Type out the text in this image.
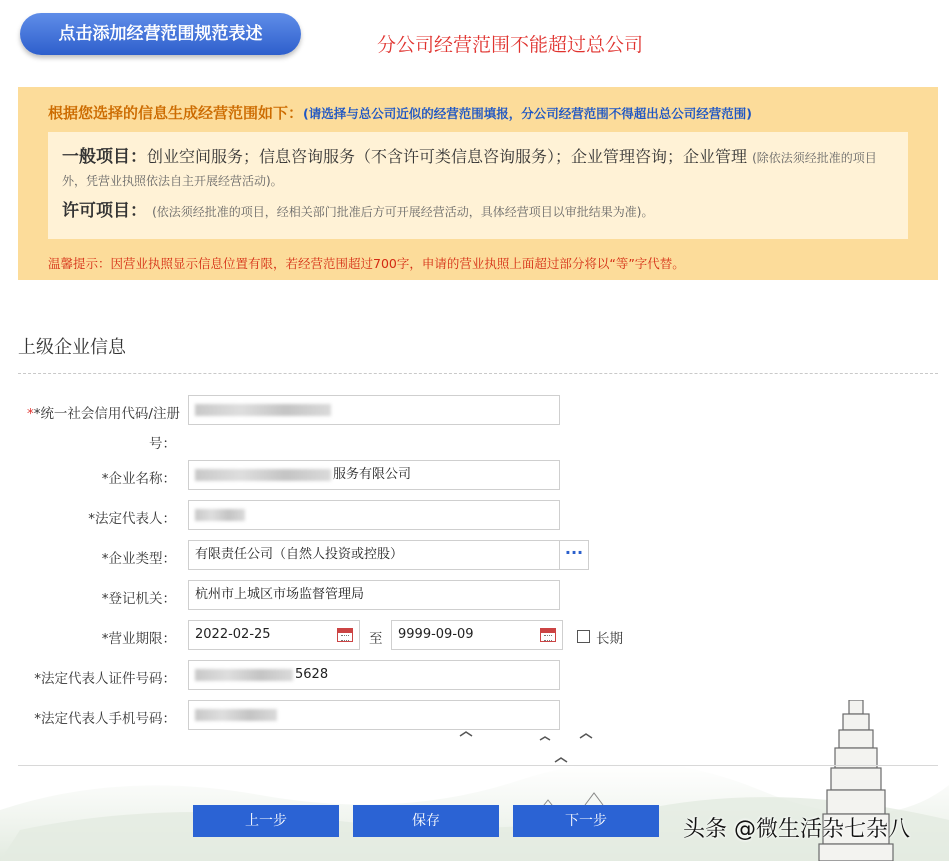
点击添加经营范围规范表述	分公司经营范围不能超过总公司
根据您选择的信息生成经营范围如下：(请选择与总公司近似的经营范围填报，分公司经营范围不得超出总公司经营范围)
一般项目：创业空间服务；信息咨询服务（不含许可类信息咨询服务）；企业管理咨询；企业管理 (除依法须经批准的项目外，凭营业执照依法自主开展经营活动)。
许可项目： (依法须经批准的项目，经相关部门批准后方可开展经营活动，具体经营项目以审批结果为准)。
温馨提示：因营业执照显示信息位置有限，若经营范围超过700字，申请的营业执照上面超过部分将以“等”字代替。
上级企业信息
**统一社会信用代码/注册
号：
*企业名称：	服务有限公司
*法定代表人：
*企业类型：	有限责任公司（自然人投资或控股）	···
*登记机关：	杭州市上城区市场监督管理局
*营业期限：	2022-02-25	至	9999-09-09	长期
*法定代表人证件号码：	5628
*法定代表人手机号码：
上一步	保存	下一步	头条 @微生活杂七杂八
